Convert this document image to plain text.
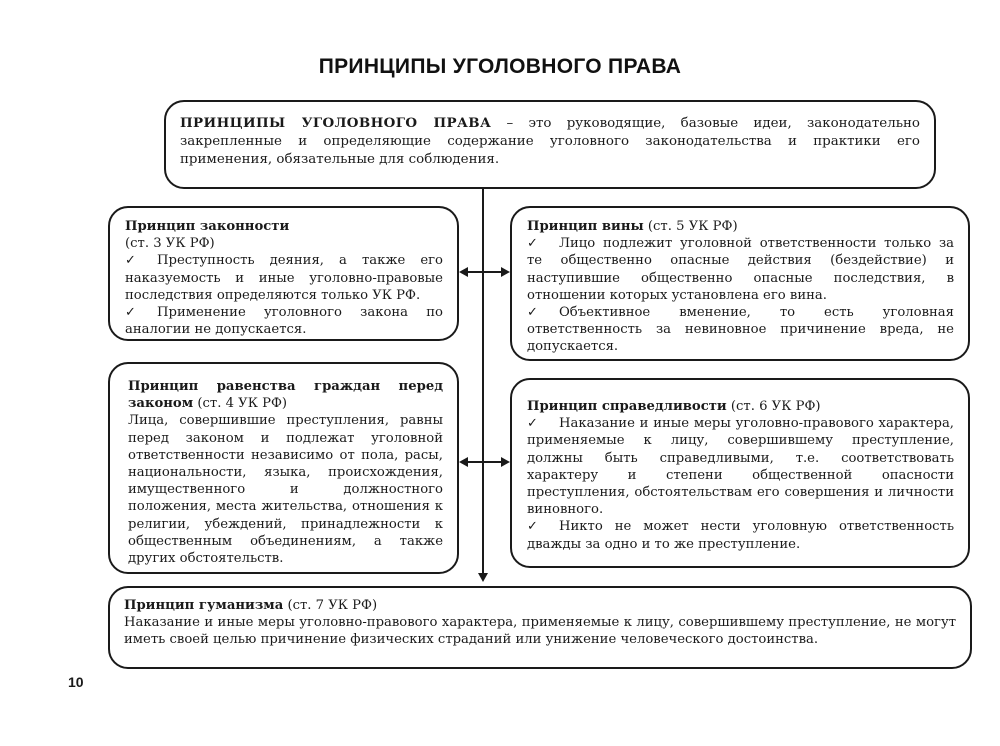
ПРИНЦИПЫ УГОЛОВНОГО ПРАВА

ПРИНЦИПЫ УГОЛОВНОГО ПРАВА – это руководящие, базовые идеи, законодательно закрепленные и определяющие содержание уголовного законодательства и практики его применения, обязательные для соблюдения.

Принцип законности

(ст. 3 УК РФ)

✓ Преступность деяния, а также его наказуемость и иные уголовно-правовые последствия определяются только УК РФ.

✓ Применение уголовного закона по аналогии не допускается.

Принцип вины (ст. 5 УК РФ)

✓ Лицо подлежит уголовной ответственности только за те общественно опасные действия (бездействие) и наступившие общественно опасные последствия, в отношении которых установлена его вина.

✓ Объективное вменение, то есть уголовная ответственность за невиновное причинение вреда, не допускается.

Принцип равенства граждан перед законом (ст. 4 УК РФ)

Лица, совершившие преступления, равны перед законом и подлежат уголовной ответственности независимо от пола, расы, национальности, языка, происхождения, имущественного и должностного положения, места жительства, отношения к религии, убеждений, принадлежности к общественным объединениям, а также других обстоятельств.

Принцип справедливости (ст. 6 УК РФ)

✓ Наказание и иные меры уголовно-правового характера, применяемые к лицу, совершившему преступление, должны быть справедливыми, т.е. соответствовать характеру и степени общественной опасности преступления, обстоятельствам его совершения и личности виновного.

✓ Никто не может нести уголовную ответственность дважды за одно и то же преступление.

Принцип гуманизма (ст. 7 УК РФ)

Наказание и иные меры уголовно-правового характера, применяемые к лицу, совершившему преступление, не могут иметь своей целью причинение физических страданий или унижение человеческого достоинства.

10
